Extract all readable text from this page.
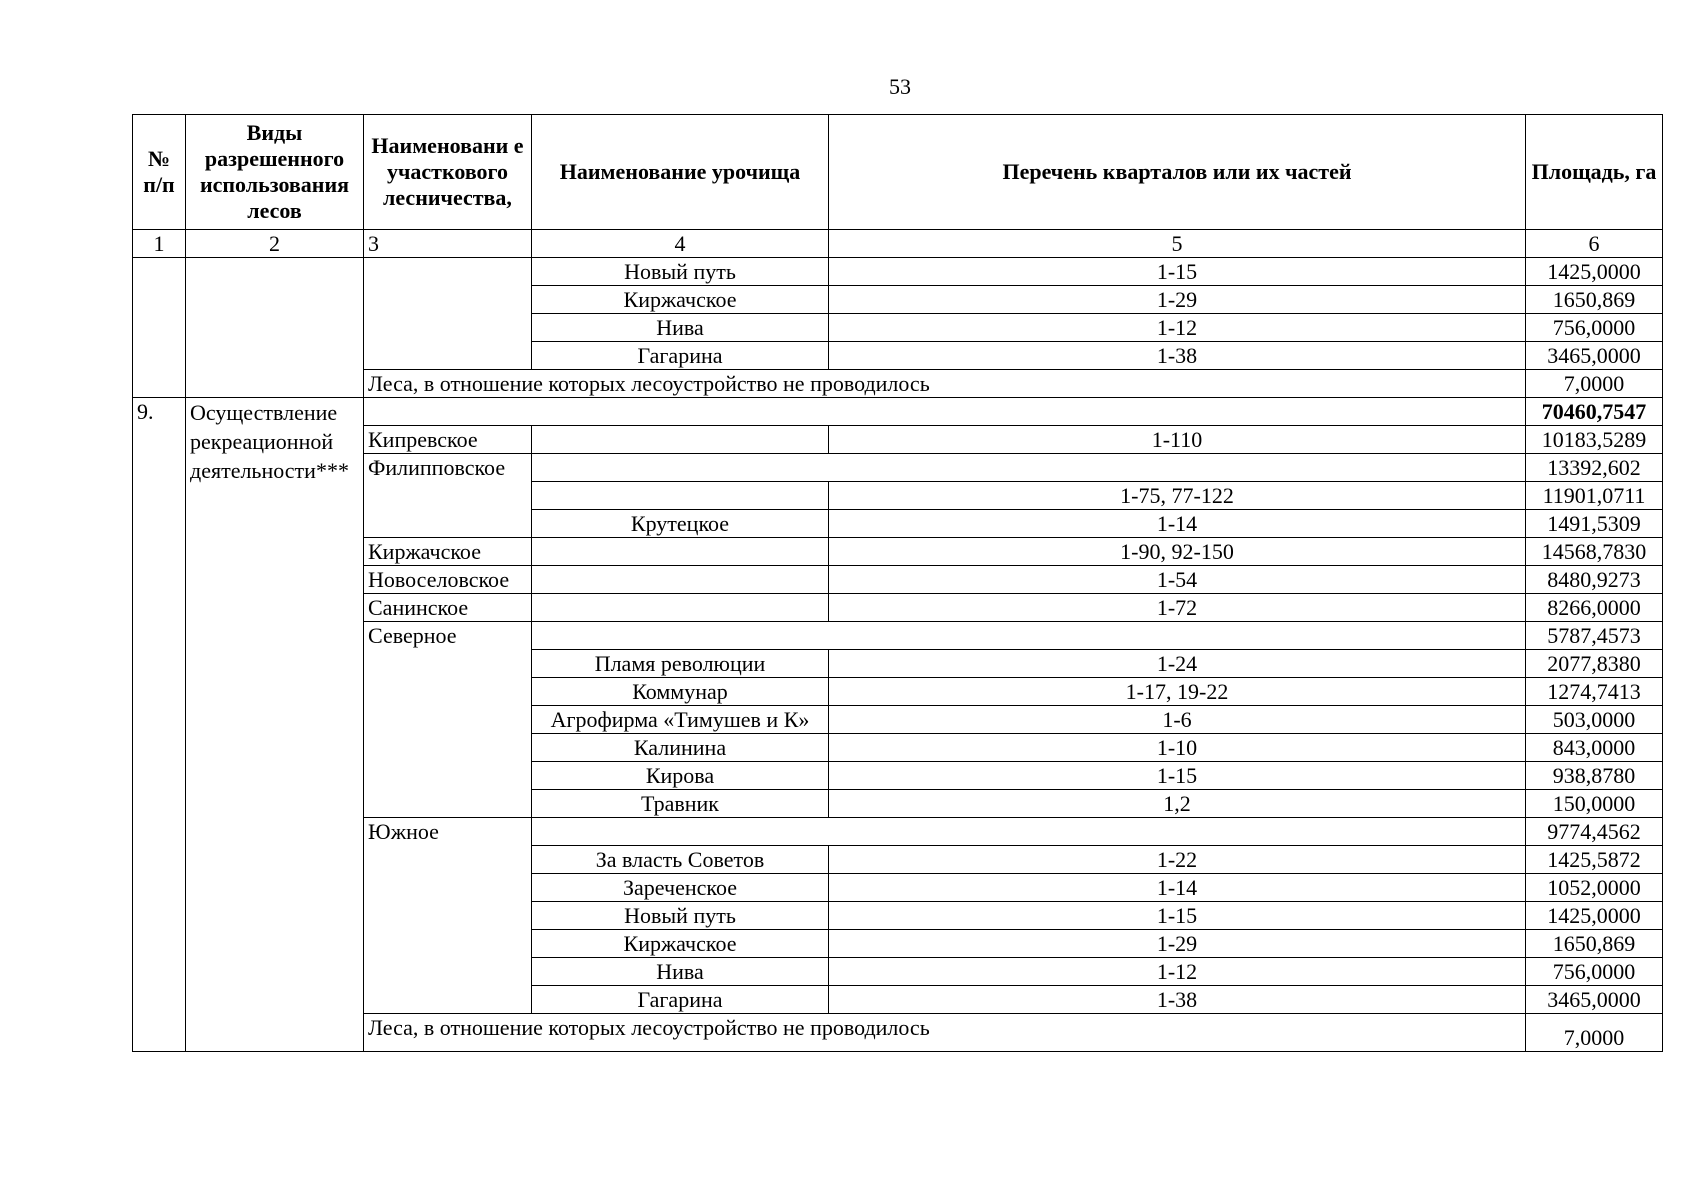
53
№ п/п	Виды разрешенного использования лесов	Наименовани е участкового лесничества,	Наименование урочища	Перечень кварталов или их частей	Площадь, га
1	2	3	4	5	6
			Новый путь	1-15	1425,0000
			Киржачское	1-29	1650,869
			Нива	1-12	756,0000
			Гагарина	1-38	3465,0000
		Леса, в отношение которых лесоустройство не проводилось			7,0000
9.	Осуществление рекреационной деятельности***				70460,7547
		Кипревское		1-110	10183,5289
		Филипповское			13392,602
				1-75, 77-122	11901,0711
			Крутецкое	1-14	1491,5309
		Киржачское		1-90, 92-150	14568,7830
		Новоселовское		1-54	8480,9273
		Санинское		1-72	8266,0000
		Северное			5787,4573
			Пламя революции	1-24	2077,8380
			Коммунар	1-17, 19-22	1274,7413
			Агрофирма «Тимушев и К»	1-6	503,0000
			Калинина	1-10	843,0000
			Кирова	1-15	938,8780
			Травник	1,2	150,0000
		Южное			9774,4562
			За власть Советов	1-22	1425,5872
			Зареченское	1-14	1052,0000
			Новый путь	1-15	1425,0000
			Киржачское	1-29	1650,869
			Нива	1-12	756,0000
			Гагарина	1-38	3465,0000
		Леса, в отношение которых лесоустройство не проводилось			7,0000
